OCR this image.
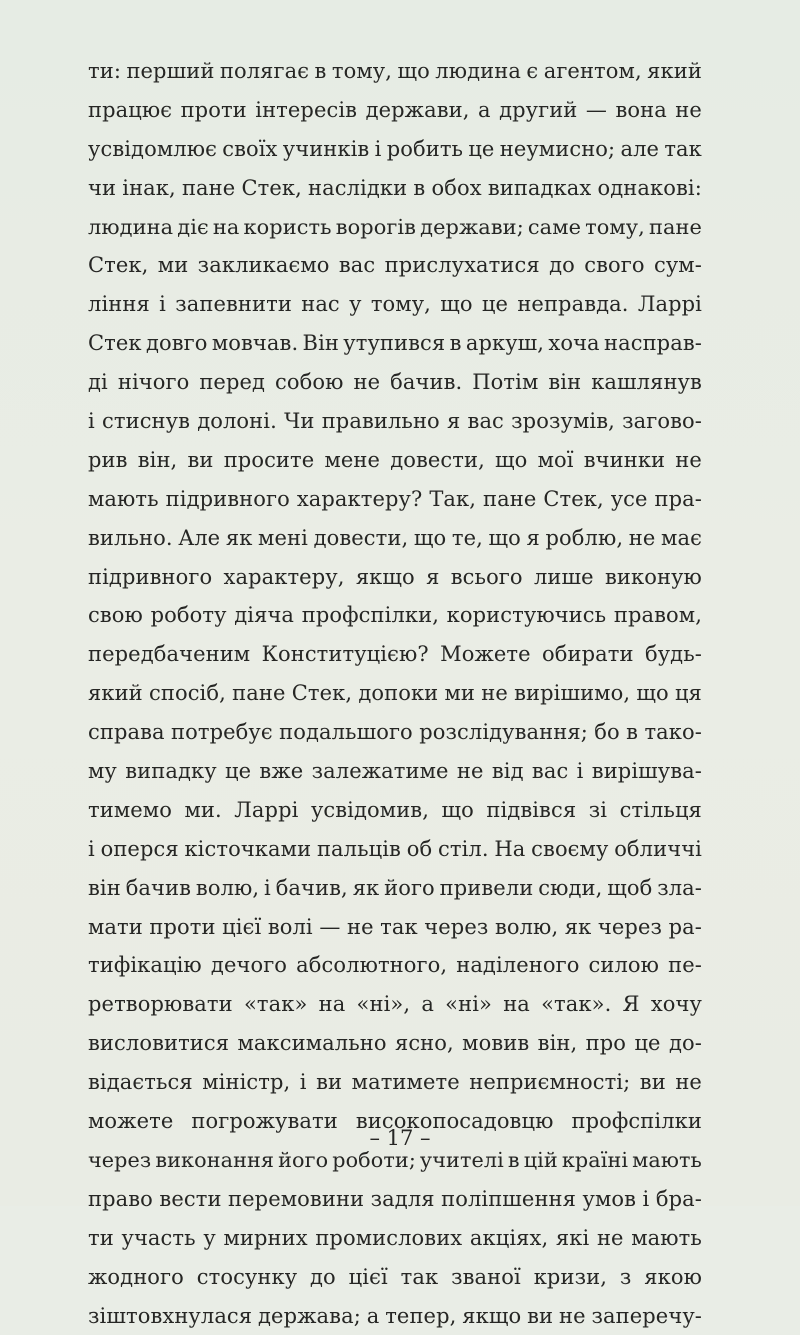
ти: перший полягає в тому, що людина є агентом, який
працює проти інтересів держави, а другий — вона не
усвідомлює своїх учинків і робить це неумисно; але так
чи інак, пане Стек, наслідки в обох випадках однакові:
людина діє на користь ворогів держави; саме тому, пане
Стек, ми закликаємо вас прислухатися до свого сум-
ління і запевнити нас у тому, що це неправда. Ларрі
Стек довго мовчав. Він утупився в аркуш, хоча насправ-
ді нічого перед собою не бачив. Потім він кашлянув
і стиснув долоні. Чи правильно я вас зрозумів, загово-
рив він, ви просите мене довести, що мої вчинки не
мають підривного характеру? Так, пане Стек, усе пра-
вильно. Але як мені довести, що те, що я роблю, не має
підривного характеру, якщо я всього лише виконую
свою роботу діяча профспілки, користуючись правом,
передбаченим Конституцією? Можете обирати будь-
який спосіб, пане Стек, допоки ми не вирішимо, що ця
справа потребує подальшого розслідування; бо в тако-
му випадку це вже залежатиме не від вас і вирішува-
тимемо ми. Ларрі усвідомив, що підвівся зі стільця
і оперся кісточками пальців об стіл. На своєму обличчі
він бачив волю, і бачив, як його привели сюди, щоб зла-
мати проти цієї волі — не так через волю, як через ра-
тифікацію дечого абсолютного, наділеного силою пе-
ретворювати «так» на «ні», а «ні» на «так». Я хочу
висловитися максимально ясно, мовив він, про це до-
відається міністр, і ви матимете неприємності; ви не
можете погрожувати високопосадовцю профспілки
через виконання його роботи; учителі в цій країні мають
право вести перемовини задля поліпшення умов і бра-
ти участь у мирних промислових акціях, які не мають
жодного стосунку до цієї так званої кризи, з якою
зіштовхнулася держава; а тепер, якщо ви не заперечу-
– 17 –
